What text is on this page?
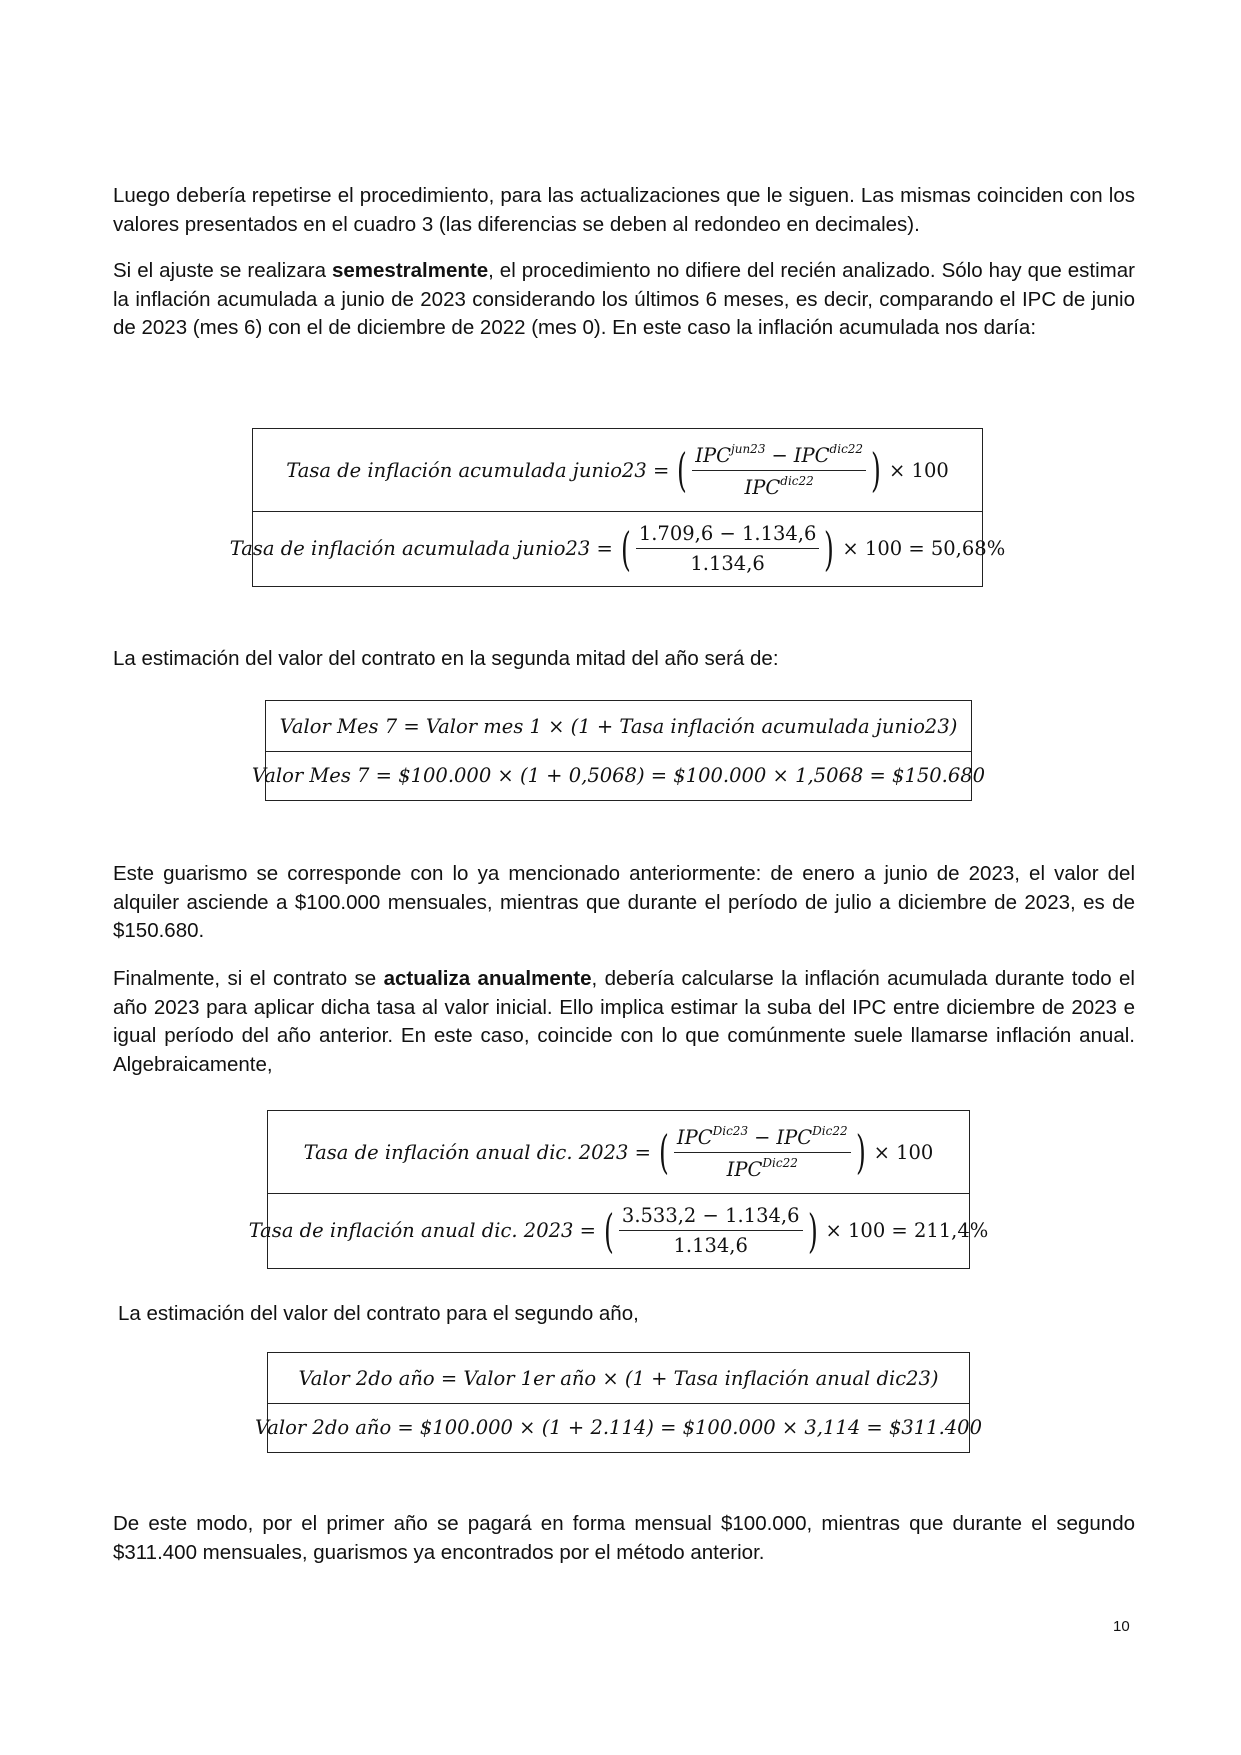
Luego debería repetirse el procedimiento, para las actualizaciones que le siguen. Las mismas coinciden con los valores presentados en el cuadro 3 (las diferencias se deben al redondeo en decimales).

Si el ajuste se realizara semestralmente, el procedimiento no difiere del recién analizado. Sólo hay que estimar la inflación acumulada a junio de 2023 considerando los últimos 6 meses, es decir, comparando el IPC de junio de 2023 (mes 6) con el de diciembre de 2022 (mes 0). En este caso la inflación acumulada nos daría:

Tasa de inflación acumulada junio23 = ( $\frac{IPC^{jun23} - IPC^{dic22}}{IPC^{dic22}}$ ) × 100
Tasa de inflación acumulada junio23 = ( $\frac{1.709,6 - 1.134,6}{1.134,6}$ ) × 100 = 50,68%

La estimación del valor del contrato en la segunda mitad del año será de:

Valor Mes 7 = Valor mes 1 × (1 + Tasa inflación acumulada junio23)
Valor Mes 7 = $100.000 × (1 + 0,5068) = $100.000 × 1,5068 = $150.680

Este guarismo se corresponde con lo ya mencionado anteriormente: de enero a junio de 2023, el valor del alquiler asciende a $100.000 mensuales, mientras que durante el período de julio a diciembre de 2023, es de $150.680.

Finalmente, si el contrato se actualiza anualmente, debería calcularse la inflación acumulada durante todo el año 2023 para aplicar dicha tasa al valor inicial. Ello implica estimar la suba del IPC entre diciembre de 2023 e igual período del año anterior. En este caso, coincide con lo que comúnmente suele llamarse inflación anual. Algebraicamente,

Tasa de inflación anual dic. 2023 = ( $\frac{IPC^{Dic23} - IPC^{Dic22}}{IPC^{Dic22}}$ ) × 100
Tasa de inflación anual dic. 2023 = ( $\frac{3.533,2 - 1.134,6}{1.134,6}$ ) × 100 = 211,4%

La estimación del valor del contrato para el segundo año,

Valor 2do año = Valor 1er año × (1 + Tasa inflación anual dic23)
Valor 2do año = $100.000 × (1 + 2.114) = $100.000 × 3,114 = $311.400

De este modo, por el primer año se pagará en forma mensual $100.000, mientras que durante el segundo $311.400 mensuales, guarismos ya encontrados por el método anterior.

10
